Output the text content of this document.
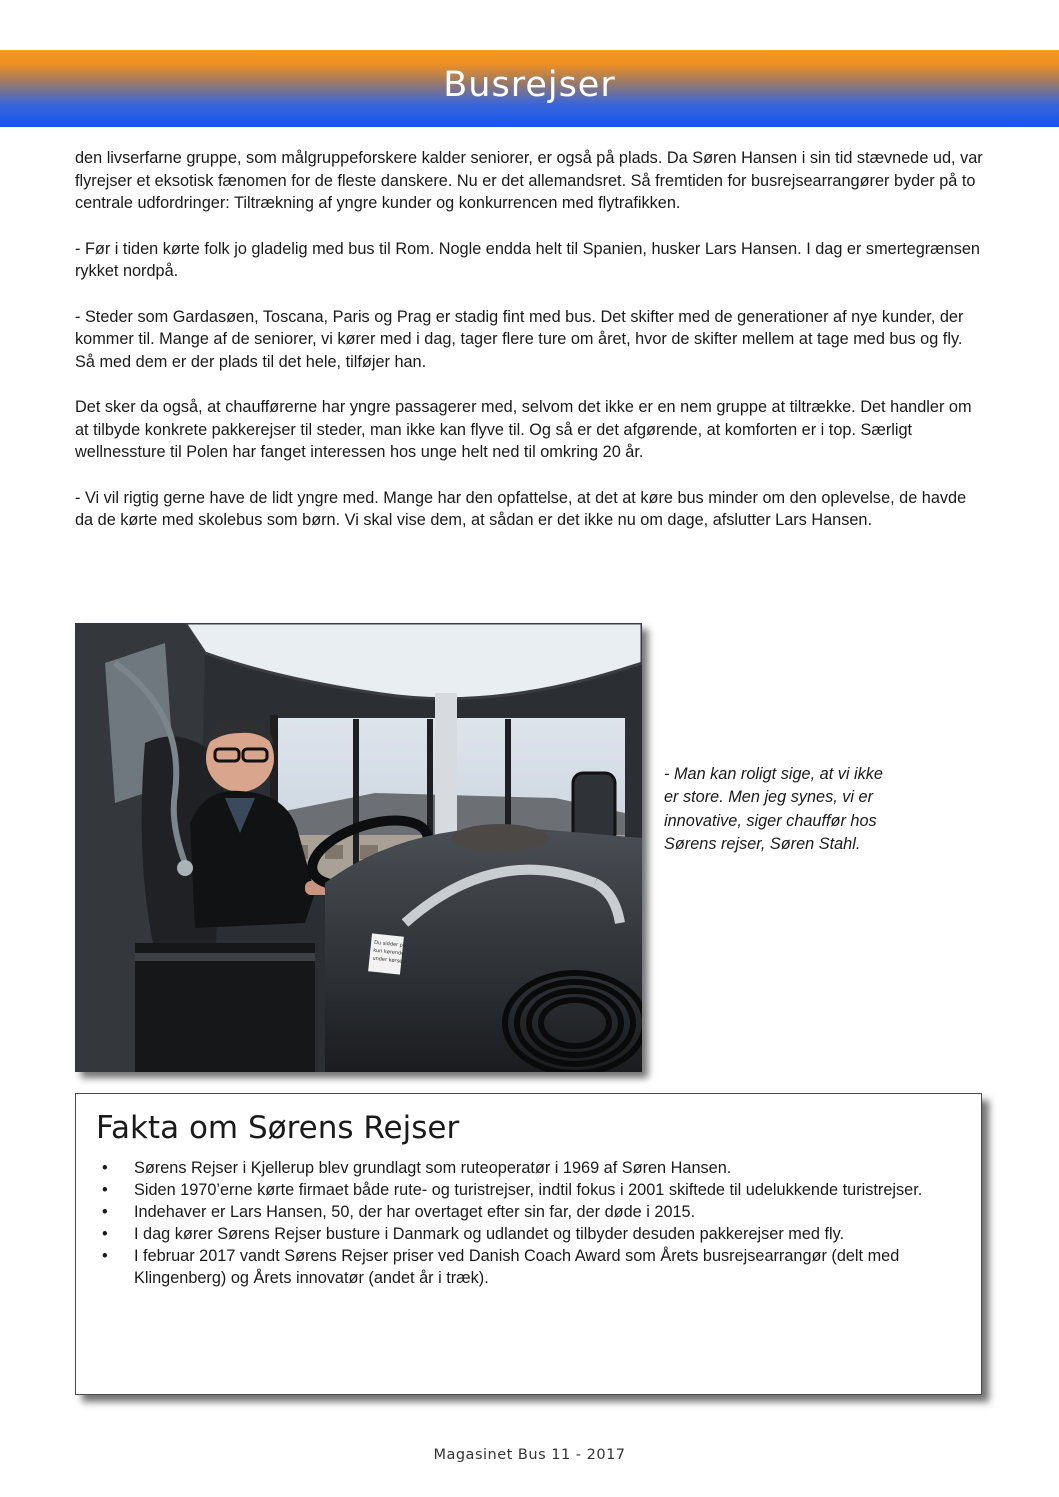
Busrejser

den livserfarne gruppe, som målgruppeforskere kalder seniorer, er også på plads. Da Søren Hansen i sin tid stævnede ud, var flyrejser et eksotisk fænomen for de fleste danskere. Nu er det allemandsret. Så fremtiden for busrejsearrangører byder på to centrale udfordringer: Tiltrækning af yngre kunder og konkurrencen med flytrafikken.

- Før i tiden kørte folk jo gladelig med bus til Rom. Nogle endda helt til Spanien, husker Lars Hansen. I dag er smertegrænsen rykket nordpå.

- Steder som Gardasøen, Toscana, Paris og Prag er stadig fint med bus. Det skifter med de generationer af nye kunder, der kommer til. Mange af de seniorer, vi kører med i dag, tager flere ture om året, hvor de skifter mellem at tage med bus og fly. Så med dem er der plads til det hele, tilføjer han.

Det sker da også, at chaufførerne har yngre passagerer med, selvom det ikke er en nem gruppe at tiltrække. Det handler om at tilbyde konkrete pakkerejser til steder, man ikke kan flyve til. Og så er det afgørende, at komforten er i top. Særligt wellnessture til Polen har fanget interessen hos unge helt ned til omkring 20 år.

- Vi vil rigtig gerne have de lidt yngre med. Mange har den opfattelse, at det at køre bus minder om den oplevelse, de havde da de kørte med skolebus som børn. Vi skal vise dem, at sådan er det ikke nu om dage, afslutter Lars Hansen.

Du sidder på
kun kørende
under kørsel
- Man kan roligt sige, at vi ikke er store. Men jeg synes, vi er innovative, siger chauffør hos Sørens rejser, Søren Stahl.
Fakta om Sørens Rejser
• Sørens Rejser i Kjellerup blev grundlagt som ruteoperatør i 1969 af Søren Hansen.
• Siden 1970’erne kørte firmaet både rute- og turistrejser, indtil fokus i 2001 skiftede til udelukkende turistrejser.
• Indehaver er Lars Hansen, 50, der har overtaget efter sin far, der døde i 2015.
• I dag kører Sørens Rejser busture i Danmark og udlandet og tilbyder desuden pakkerejser med fly.
• I februar 2017 vandt Sørens Rejser priser ved Danish Coach Award som Årets busrejsearrangør (delt med Klingenberg) og Årets innovatør (andet år i træk).
Magasinet Bus 11 - 2017
